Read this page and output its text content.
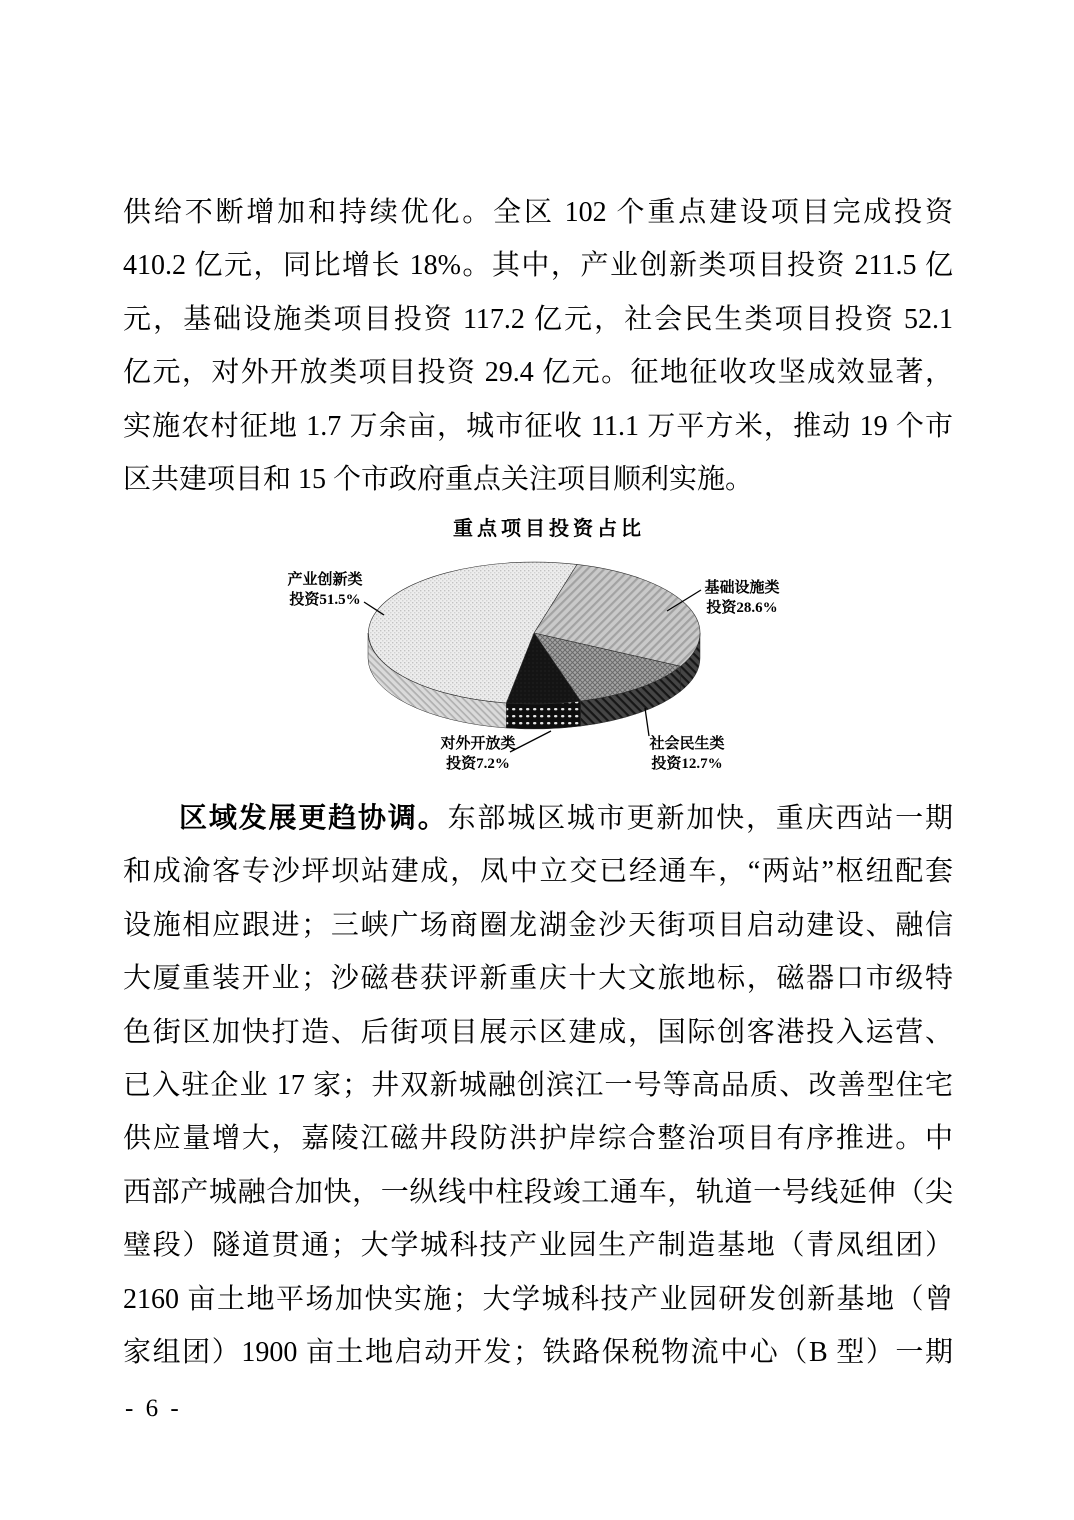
供给不断增加和持续优化。全区 102 个重点建设项目完成投资
410.2 亿元，同比增长 18%。其中，产业创新类项目投资 211.5 亿
元，基础设施类项目投资 117.2 亿元，社会民生类项目投资 52.1
亿元，对外开放类项目投资 29.4 亿元。征地征收攻坚成效显著，
实施农村征地 1.7 万余亩，城市征收 11.1 万平方米，推动 19 个市
区共建项目和 15 个市政府重点关注项目顺利实施。
重点项目投资占比
产业创新类
投资51.5%
基础设施类
投资28.6%
对外开放类
投资7.2%
社会民生类
投资12.7%
区域发展更趋协调。东部城区城市更新加快，重庆西站一期
和成渝客专沙坪坝站建成，凤中立交已经通车，“两站”枢纽配套
设施相应跟进；三峡广场商圈龙湖金沙天街项目启动建设、融信
大厦重装开业；沙磁巷获评新重庆十大文旅地标，磁器口市级特
色街区加快打造、后街项目展示区建成，国际创客港投入运营、
已入驻企业 17 家；井双新城融创滨江一号等高品质、改善型住宅
供应量增大，嘉陵江磁井段防洪护岸综合整治项目有序推进。中
西部产城融合加快，一纵线中柱段竣工通车，轨道一号线延伸（尖
璧段）隧道贯通；大学城科技产业园生产制造基地（青凤组团）
2160 亩土地平场加快实施；大学城科技产业园研发创新基地（曾
家组团）1900 亩土地启动开发；铁路保税物流中心（B 型）一期
- 6 -
